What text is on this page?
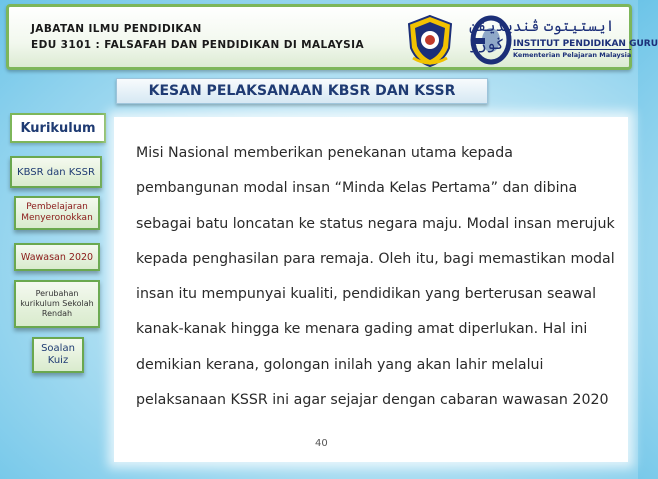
JABATAN ILMU PENDIDIKAN
EDU 3101 : FALSAFAH DAN PENDIDIKAN DI MALAYSIA
ايستيتوت ڤنديديقن ݢورو INSTITUT PENDIDIKAN GURU
Kementerian Pelajaran Malaysia
KESAN PELAKSANAAN KBSR DAN KSSR
Kurikulum
KBSR dan KSSR
Pembelajaran Menyeronokkan
Wawasan 2020
Perubahan kurikulum Sekolah Rendah
Soalan Kuiz

Misi Nasional memberikan penekanan utama kepada pembangunan modal insan “Minda Kelas Pertama” dan dibina sebagai batu loncatan ke status negara maju. Modal insan merujuk kepada penghasilan para remaja. Oleh itu, bagi memastikan modal insan itu mempunyai kualiti, pendidikan yang berterusan seawal kanak-kanak hingga ke menara gading amat diperlukan. Hal ini demikian kerana, golongan inilah yang akan lahir melalui pelaksanaan KSSR ini agar sejajar dengan cabaran wawasan 2020

40
